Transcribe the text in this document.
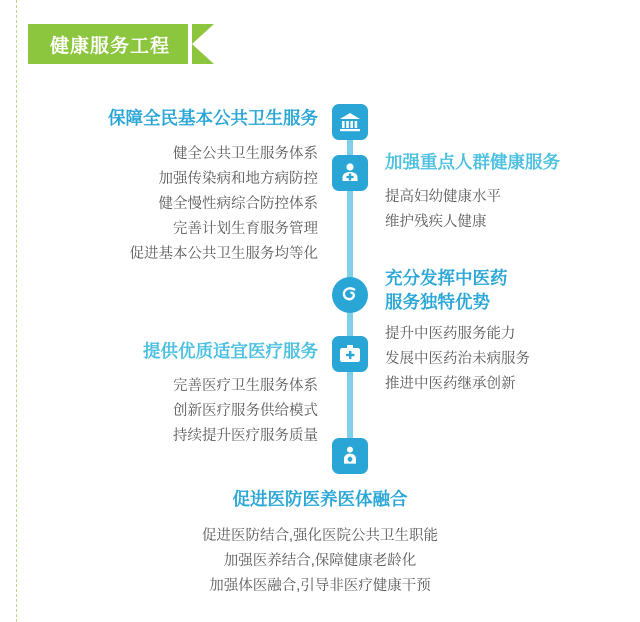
健康服务工程
保障全民基本公共卫生服务
健全公共卫生服务体系
加强传染病和地方病防控
健全慢性病综合防控体系
完善计划生育服务管理
促进基本公共卫生服务均等化
加强重点人群健康服务
提高妇幼健康水平
维护残疾人健康
充分发挥中医药
服务独特优势
提升中医药服务能力
发展中医药治未病服务
推进中医药继承创新
提供优质适宜医疗服务
完善医疗卫生服务体系
创新医疗服务供给模式
持续提升医疗服务质量
促进医防医养医体融合
促进医防结合,强化医院公共卫生职能
加强医养结合,保障健康老龄化
加强体医融合,引导非医疗健康干预
